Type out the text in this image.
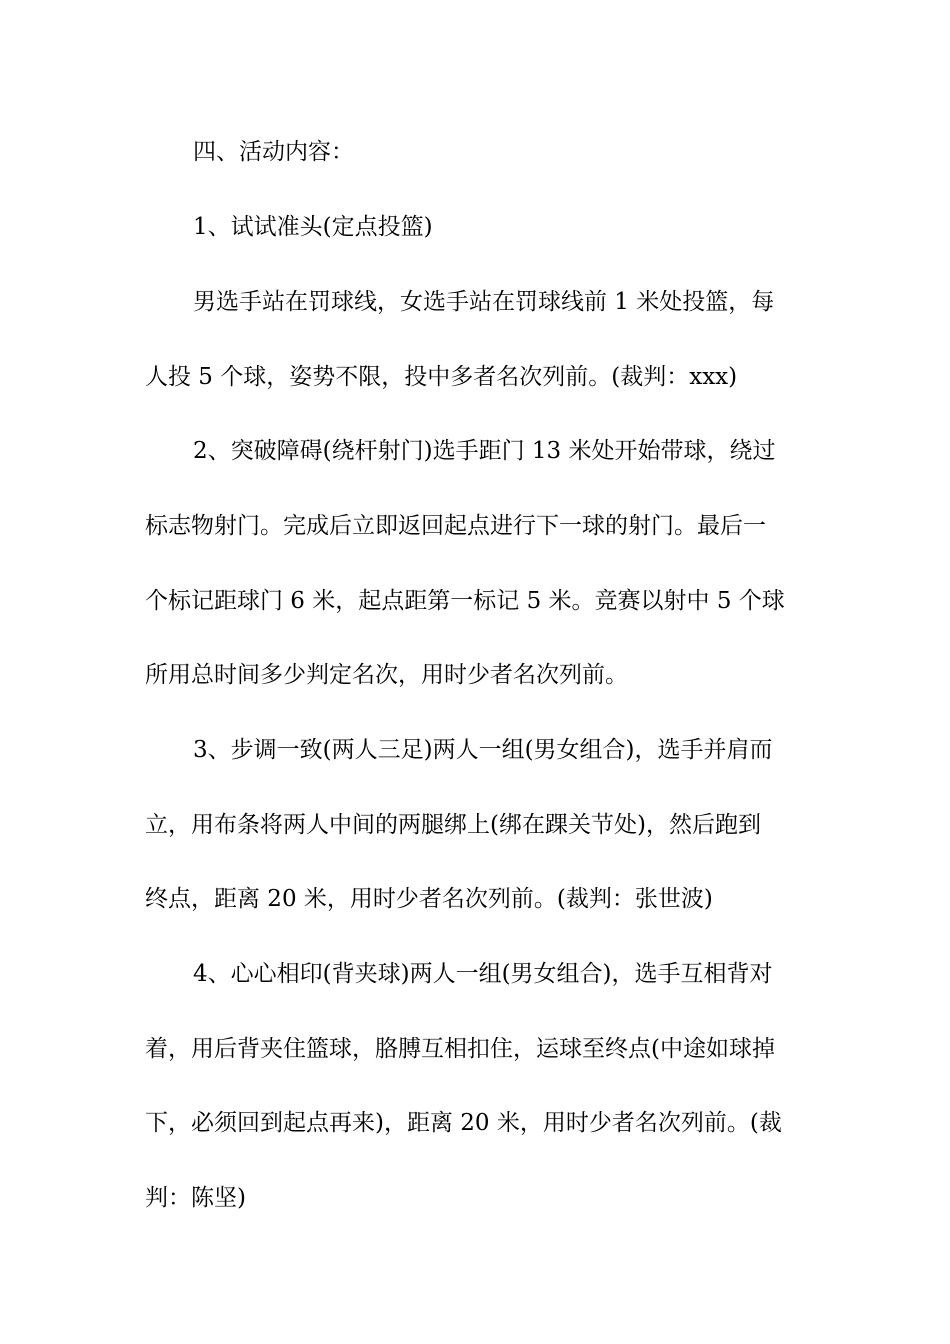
四、活动内容：
1、试试准头(定点投篮)
男选手站在罚球线，女选手站在罚球线前 1 米处投篮，每
人投 5 个球，姿势不限，投中多者名次列前。(裁判：xxx)
2、突破障碍(绕杆射门)选手距门 13 米处开始带球，绕过
标志物射门。完成后立即返回起点进行下一球的射门。最后一
个标记距球门 6 米，起点距第一标记 5 米。竞赛以射中 5 个球
所用总时间多少判定名次，用时少者名次列前。
3、步调一致(两人三足)两人一组(男女组合)，选手并肩而
立，用布条将两人中间的两腿绑上(绑在踝关节处)，然后跑到
终点，距离 20 米，用时少者名次列前。(裁判：张世波)
4、心心相印(背夹球)两人一组(男女组合)，选手互相背对
着，用后背夹住篮球，胳膊互相扣住，运球至终点(中途如球掉
下，必须回到起点再来)，距离 20 米，用时少者名次列前。(裁
判：陈坚)
